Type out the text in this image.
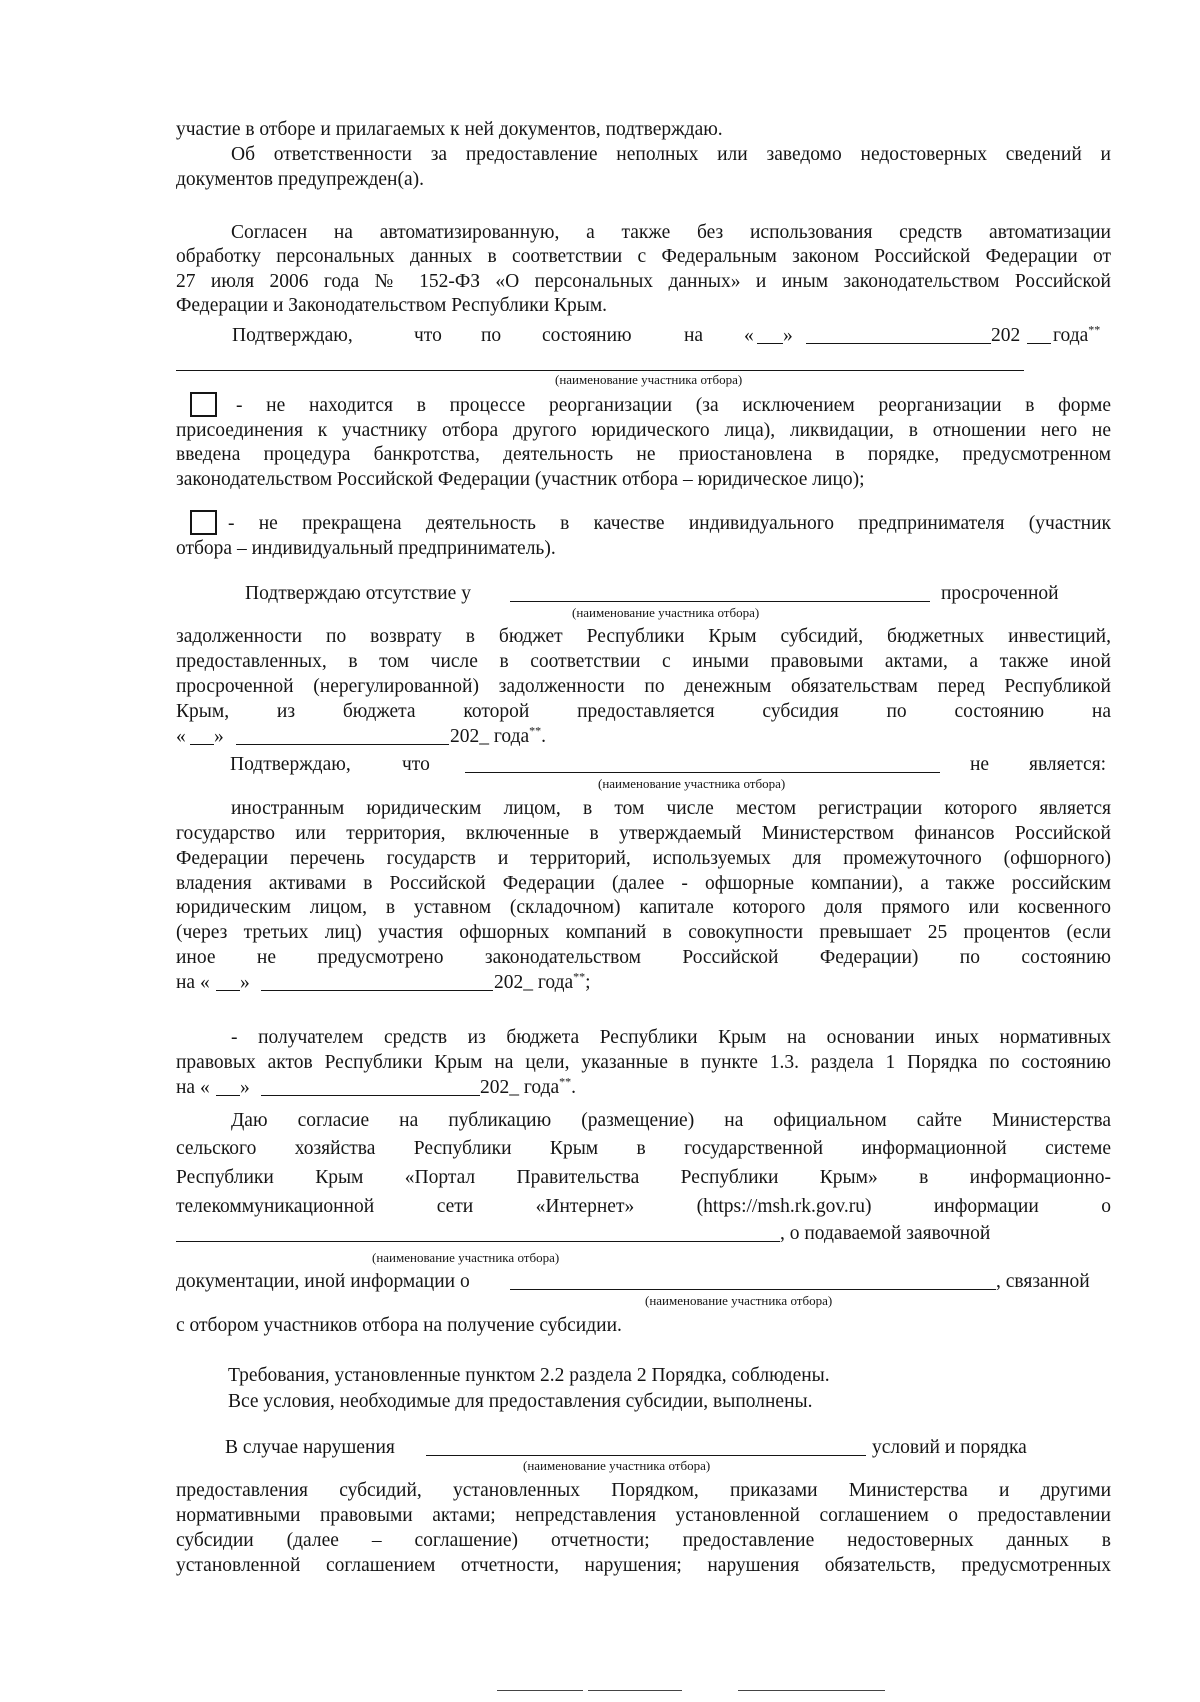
участие в отборе и прилагаемых к ней документов, подтверждаю.
Об ответственности за предоставление неполных или заведомо недостоверных сведений и
документов предупрежден(а).
Согласен на автоматизированную, а также без использования средств автоматизации
обработку персональных данных в соответствии с Федеральным законом Российской Федерации от
27 июля 2006 года № 152-ФЗ «О персональных данных» и иным законодательством Российской
Федерации и Законодательством Республики Крым.
Подтверждаю,	что по состоянию	на « »	202 года**
(наименование участника отбора)
- не находится в процессе реорганизации (за исключением реорганизации в форме
присоединения к участнику отбора другого юридического лица), ликвидации, в отношении него не
введена процедура банкротства, деятельность не приостановлена в порядке, предусмотренном
законодательством Российской Федерации (участник отбора – юридическое лицо);
- не прекращена деятельность в качестве индивидуального предпринимателя (участник
отбора – индивидуальный предприниматель).
Подтверждаю отсутствие у	просроченной
(наименование участника отбора)
задолженности по возврату в бюджет Республики Крым субсидий, бюджетных инвестиций,
предоставленных, в том числе в соответствии с иными правовыми актами, а также иной
просроченной (нерегулированной) задолженности по денежным обязательствам перед Республикой
Крым, из бюджета которой предоставляется субсидия по состоянию на
« »	202_ года**.
Подтверждаю,	что	не является:
(наименование участника отбора)
иностранным юридическим лицом, в том числе местом регистрации которого является
государство или территория, включенные в утверждаемый Министерством финансов Российской
Федерации перечень государств и территорий, используемых для промежуточного (офшорного)
владения активами в Российской Федерации (далее - офшорные компании), а также российским
юридическим лицом, в уставном (складочном) капитале которого доля прямого или косвенного
(через третьих лиц) участия офшорных компаний в совокупности превышает 25 процентов (если
иное не предусмотрено законодательством Российской Федерации) по состоянию
на « »	202_ года**;
- получателем средств из бюджета Республики Крым на основании иных нормативных
правовых актов Республики Крым на цели, указанные в пункте 1.3. раздела 1 Порядка по состоянию
на « »	202_ года**.
Даю согласие на публикацию (размещение) на официальном сайте Министерства
сельского хозяйства Республики Крым в государственной информационной системе
Республики Крым «Портал Правительства Республики Крым» в информационно-
телекоммуникационной сети «Интернет» (https://msh.rk.gov.ru) информации о
, о подаваемой заявочной
(наименование участника отбора)
документации, иной информации о	, связанной
(наименование участника отбора)
с отбором участников отбора на получение субсидии.
Требования, установленные пунктом 2.2 раздела 2 Порядка, соблюдены.
Все условия, необходимые для предоставления субсидии, выполнены.
В случае нарушения	условий и порядка
(наименование участника отбора)
предоставления субсидий, установленных Порядком, приказами Министерства и другими
нормативными правовыми актами; непредставления установленной соглашением о предоставлении
субсидии (далее – соглашение) отчетности; предоставление недостоверных данных в
установленной соглашением отчетности, нарушения; нарушения обязательств, предусмотренных
